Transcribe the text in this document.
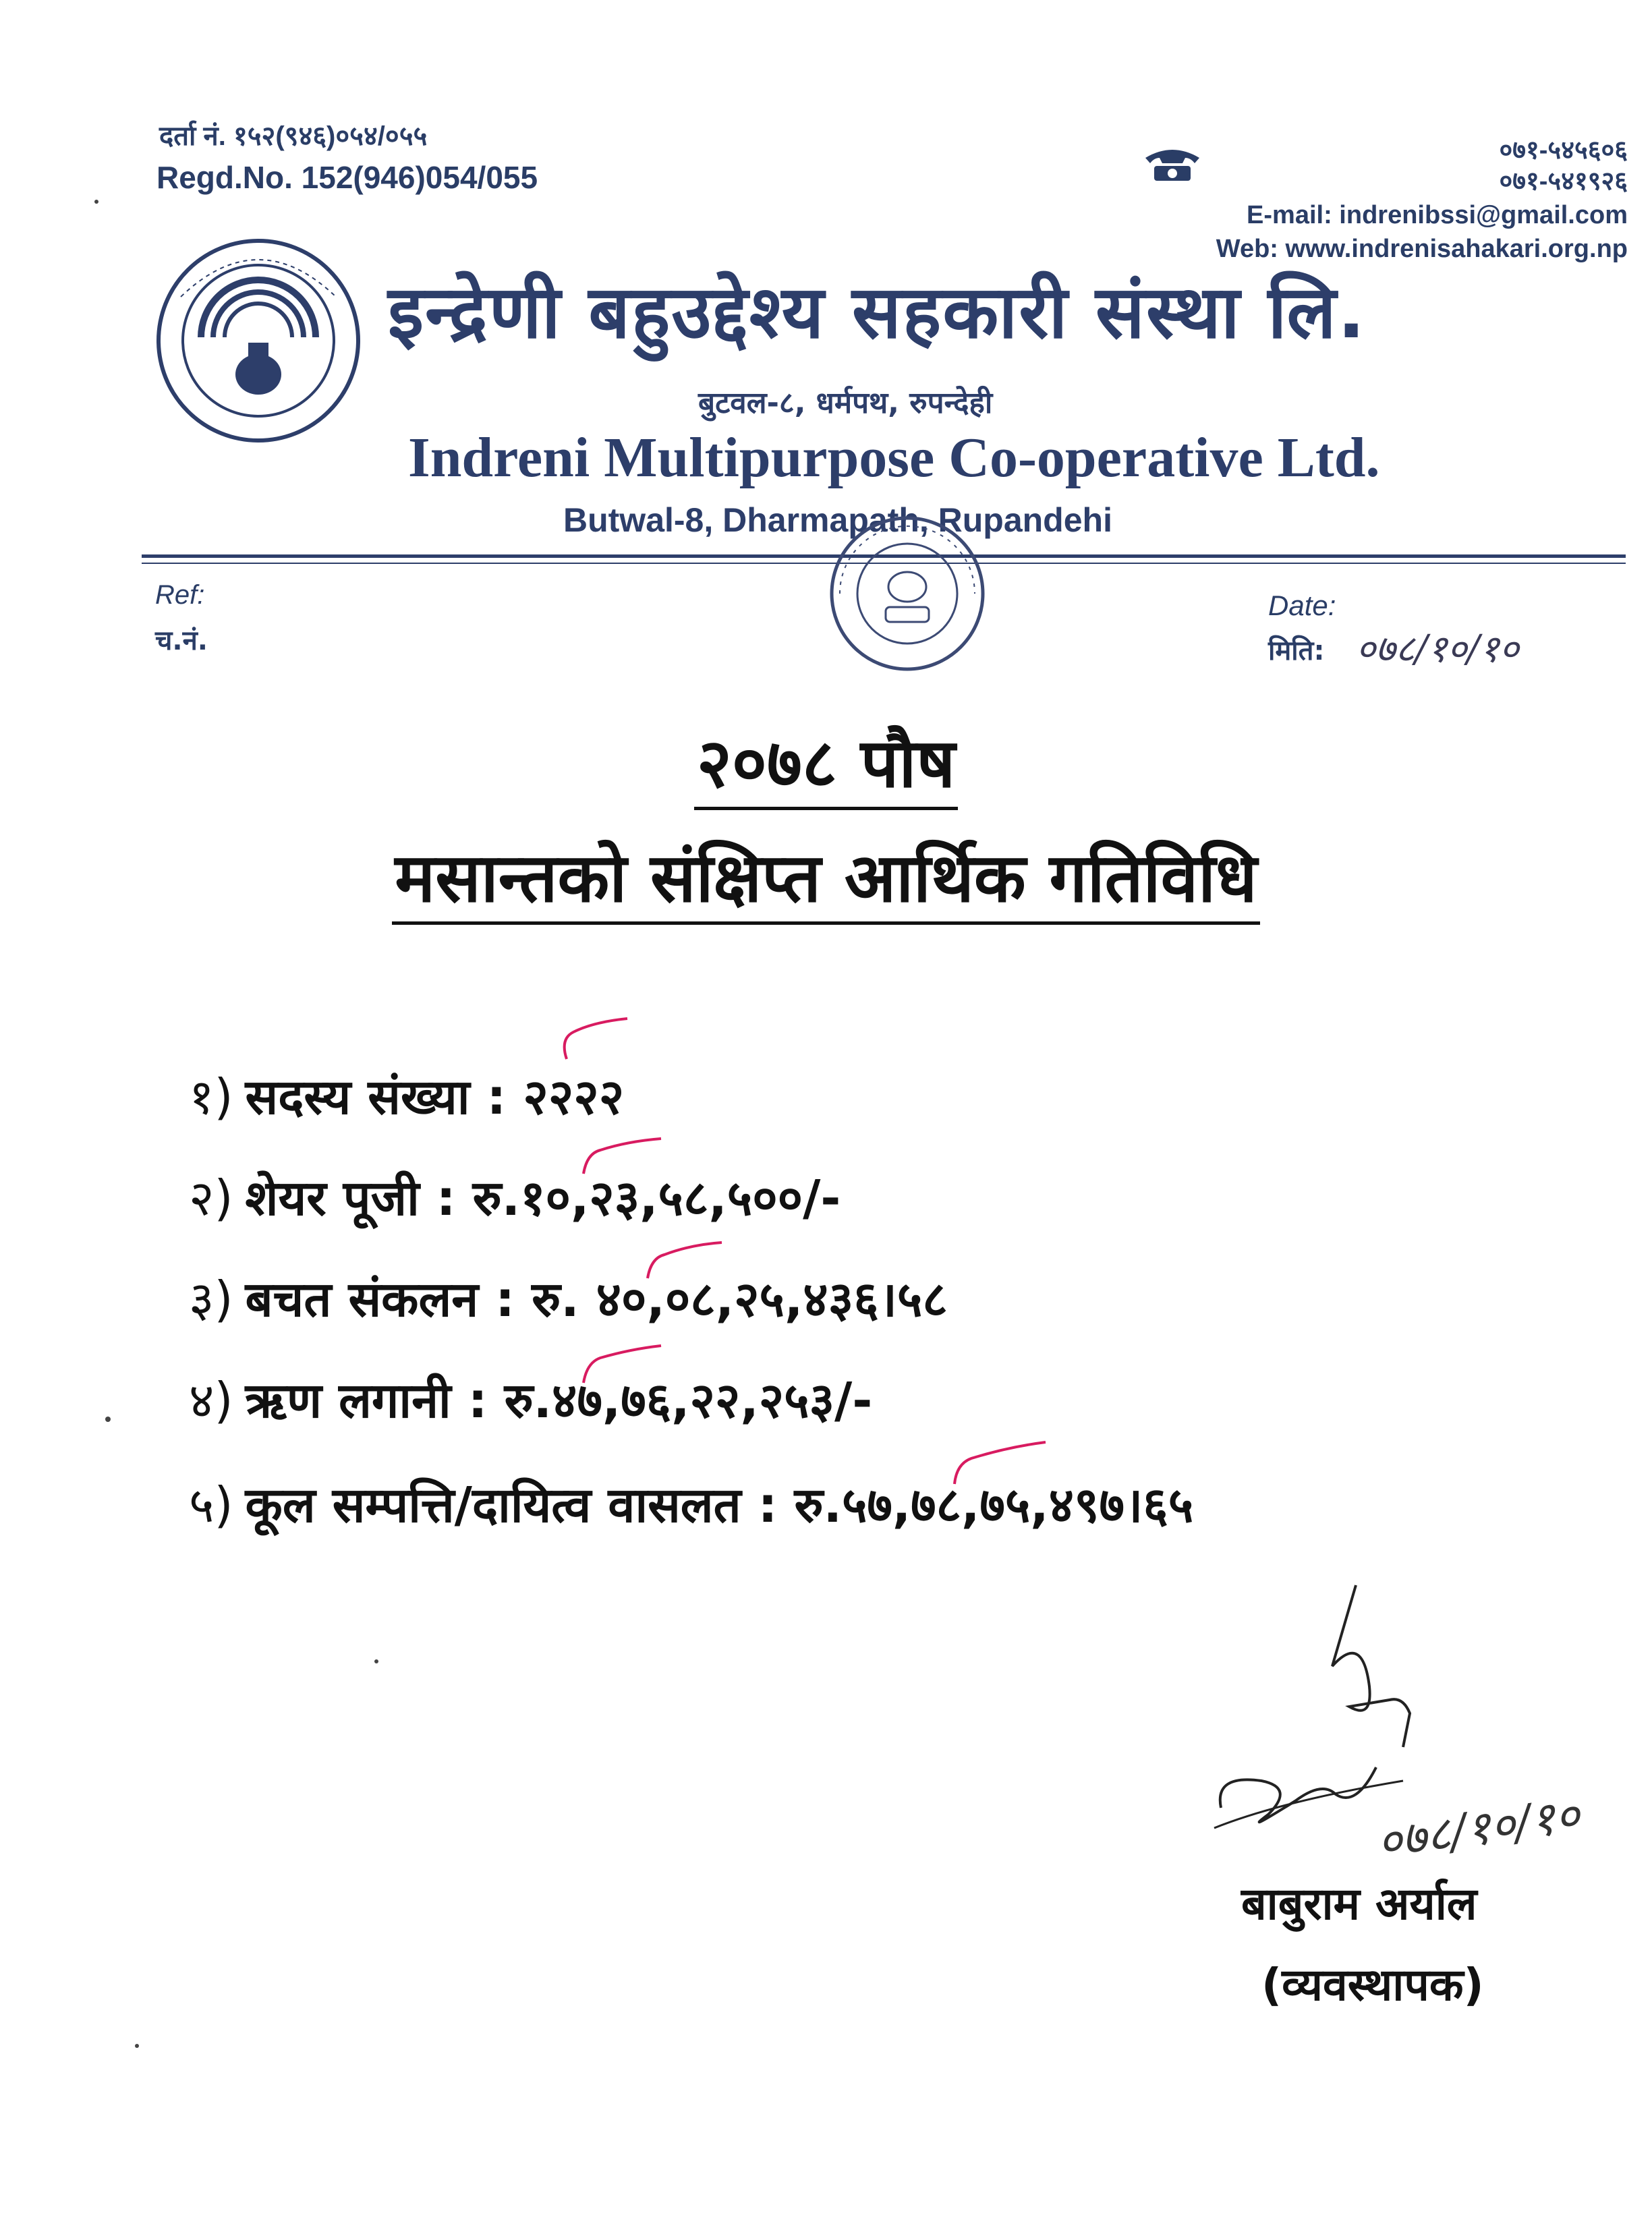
दर्ता नं. १५२(९४६)०५४/०५५
Regd.No. 152(946)054/055
०७१-५४५६०६
०७१-५४१९२६
E-mail: indrenibssi@gmail.com
Web: www.indrenisahakari.org.np
इन्द्रेणी बहुउद्देश्य सहकारी संस्था लि.
बुटवल-८, धर्मपथ, रुपन्देही
Indreni Multipurpose Co-operative Ltd.
Butwal-8, Dharmapath, Rupandehi
Ref:
च.नं.
Date:
मिति: ०७८/१०/१०
२०७८ पौष
मसान्तको संक्षिप्त आर्थिक गतिविधि
१) सदस्य संख्या : २२२२
२) शेयर पूजी : रु.१०,२३,५८,५००/-
३) बचत संकलन : रु. ४०,०८,२५,४३६।५८
४) ऋण लगानी : रु.४७,७६,२२,२५३/-
५) कूल सम्पत्ति/दायित्व वासलत : रु.५७,७८,७५,४९७।६५
०७८/१०/१०
बाबुराम अर्याल
(व्यवस्थापक)
